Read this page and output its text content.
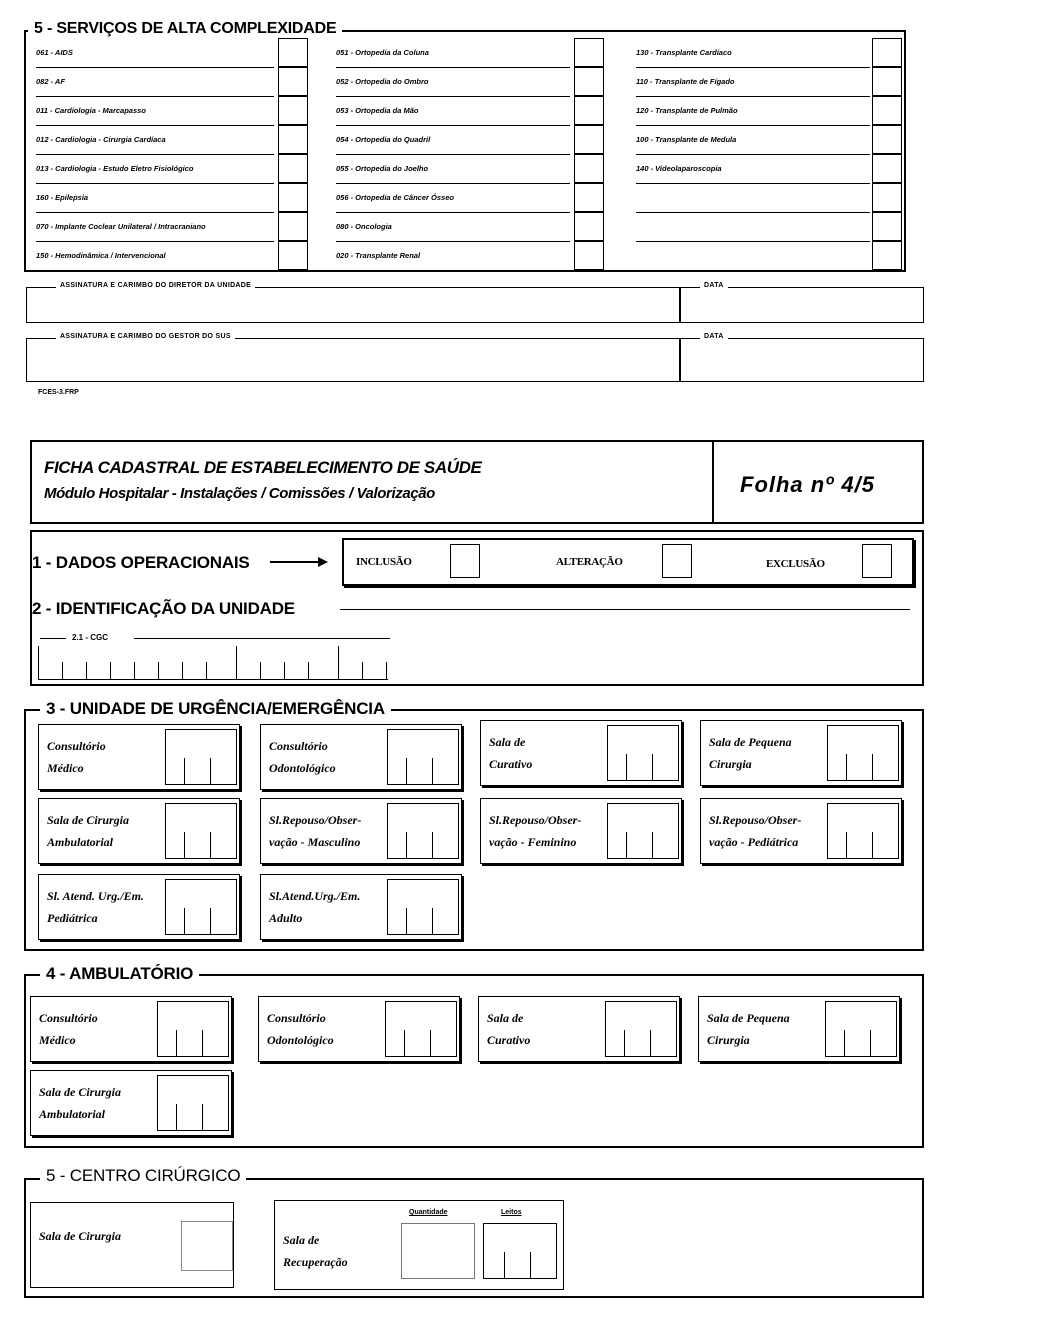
5 - SERVIÇOS DE ALTA COMPLEXIDADE
061 - AIDS
082 - AF
011 - Cardiologia - Marcapasso
012 - Cardiologia - Cirurgia Cardíaca
013 - Cardiologia - Estudo Eletro Fisiológico
160 - Epilepsia
070 - Implante Coclear Unilateral / Intracraniano
150 - Hemodinâmica / Intervencional
051 - Ortopedia da Coluna
052 - Ortopedia do Ombro
053 - Ortopedia da Mão
054 - Ortopedia do Quadril
055 - Ortopedia do Joelho
056 - Ortopedia de Câncer Ósseo
080 - Oncologia
020 - Transplante Renal
130 - Transplante Cardíaco
110 - Transplante de Fígado
120 - Transplante de Pulmão
100 - Transplante de Medula
140 - Videolaparoscopia
ASSINATURA E CARIMBO DO DIRETOR DA UNIDADE	DATA
ASSINATURA E CARIMBO DO GESTOR DO SUS	DATA
FCES-3.FRP
FICHA CADASTRAL DE ESTABELECIMENTO DE SAÚDE
Módulo Hospitalar - Instalações / Comissões / Valorização	Folha nº 4/5
1 - DADOS OPERACIONAIS	INCLUSÃO	ALTERAÇÃO	EXCLUSÃO
2 - IDENTIFICAÇÃO DA UNIDADE
2.1 - CGC
3 - UNIDADE DE URGÊNCIA/EMERGÊNCIA
Consultório
Médico
Consultório
Odontológico
Sala de
Curativo
Sala de Pequena
Cirurgia
Sala de Cirurgia
Ambulatorial
Sl.Repouso/Obser-
vação - Masculino
Sl.Repouso/Obser-
vação - Feminino
Sl.Repouso/Obser-
vação - Pediátrica
Sl. Atend. Urg./Em.
Pediátrica
Sl.Atend.Urg./Em.
Adulto
4 - AMBULATÓRIO
Consultório
Médico
Consultório
Odontológico
Sala de
Curativo
Sala de Pequena
Cirurgia
Sala de Cirurgia
Ambulatorial
5 - CENTRO CIRÚRGICO
Sala de Cirurgia	Sala de
Recuperação
Quantidade	Leitos
